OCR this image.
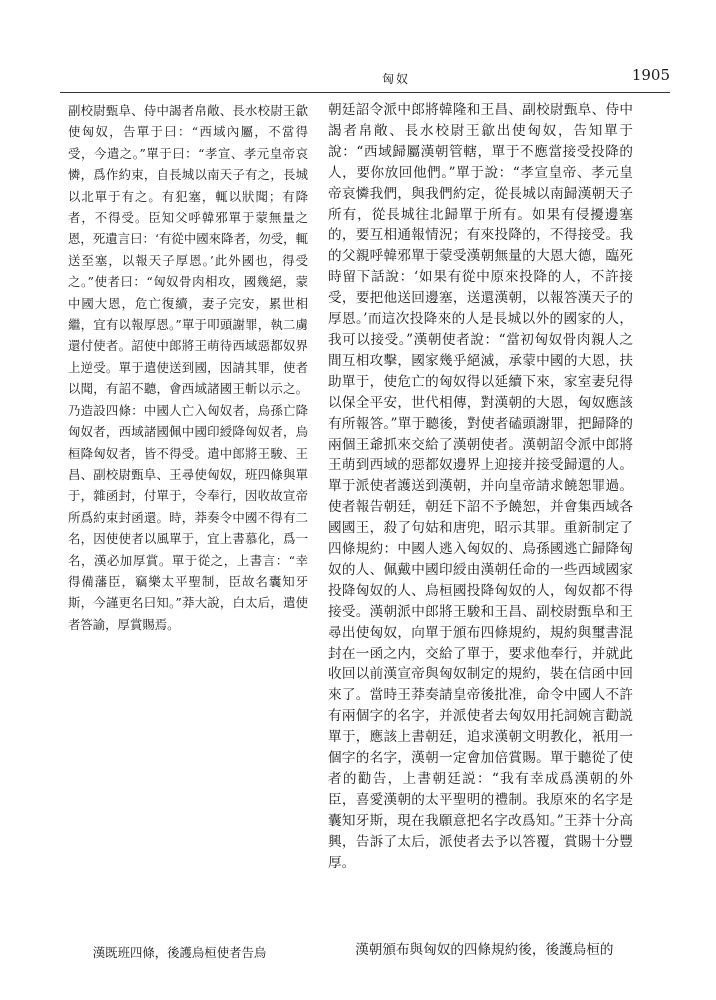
匈奴	1905

副校尉甄阜、侍中謁者帛敞、長水校尉王歙使匈奴，告單于曰：“西域內屬，不當得受，今遣之。”單于曰：“孝宣、孝元皇帝哀憐，爲作約束，自長城以南天子有之，長城以北單于有之。有犯塞，輒以狀聞；有降者，不得受。臣知父呼韓邪單于蒙無量之恩，死遺言曰：‘有從中國來降者，勿受，輒送至塞，以報天子厚恩。’此外國也，得受之。”使者曰：“匈奴骨肉相攻，國幾絕，蒙中國大恩，危亡復續，妻子完安，累世相繼，宜有以報厚恩。”單于叩頭謝罪，執二虜還付使者。詔使中郎將王萌待西域惡都奴界上逆受。單于遣使送到國，因請其罪，使者以聞，有詔不聽，會西域諸國王斬以示之。乃造設四條：中國人亡入匈奴者，烏孫亡降匈奴者，西域諸國佩中國印綬降匈奴者，烏桓降匈奴者，皆不得受。遣中郎將王駿、王昌、副校尉甄阜、王尋使匈奴，班四條與單于，雜函封，付單于，令奉行，因收故宣帝所爲約束封函還。時，莽奏令中國不得有二名，因使使者以風單于，宜上書慕化，爲一名，漢必加厚賞。單于從之，上書言：“幸得備藩臣，竊樂太平聖制，臣故名囊知牙斯，今謹更名曰知。”莽大說，白太后，遣使者答諭，厚賞賜焉。

朝廷詔令派中郎將韓隆和王昌、副校尉甄阜、侍中謁者帛敞、長水校尉王歙出使匈奴，告知單于說：“西域歸屬漢朝管轄，單于不應當接受投降的人，要你放回他們。”單于說：“孝宣皇帝、孝元皇帝哀憐我們，與我們約定，從長城以南歸漢朝天子所有，從長城往北歸單于所有。如果有侵擾邊塞的，要互相通報情況；有來投降的，不得接受。我的父親呼韓邪單于蒙受漢朝無量的大恩大德，臨死時留下話說：‘如果有從中原來投降的人，不許接受，要把他送回邊塞，送還漢朝，以報答漢天子的厚恩。’而這次投降來的人是長城以外的國家的人，我可以接受。”漢朝使者說：“當初匈奴骨肉親人之間互相攻擊，國家幾乎絕滅，承蒙中國的大恩，扶助單于，使危亡的匈奴得以延續下來，家室妻兒得以保全平安，世代相傳，對漢朝的大恩，匈奴應該有所報答。”單于聽後，對使者磕頭謝罪，把歸降的兩個王爺抓來交給了漢朝使者。漢朝詔令派中郎將王萌到西域的惡都奴邊界上迎接并接受歸還的人。單于派使者護送到漢朝，并向皇帝請求饒恕罪過。使者報告朝廷，朝廷下詔不予饒恕，并會集西域各國國王，殺了句姑和唐兜，昭示其罪。重新制定了四條規約：中國人逃入匈奴的、烏孫國逃亡歸降匈奴的人、佩戴中國印綬由漢朝任命的一些西域國家投降匈奴的人、烏桓國投降匈奴的人，匈奴都不得接受。漢朝派中郎將王駿和王昌、副校尉甄阜和王尋出使匈奴，向單于頒布四條規約，規約與璽書混封在一函之内，交給了單于，要求他奉行，并就此收回以前漢宣帝與匈奴制定的規約，裝在信函中回來了。當時王莽奏請皇帝後批准，命令中國人不許有兩個字的名字，并派使者去匈奴用托詞婉言勸説單于，應該上書朝廷，追求漢朝文明教化，衹用一個字的名字，漢朝一定會加倍賞賜。單于聽從了使者的勸告，上書朝廷説：“我有幸成爲漢朝的外臣，喜愛漢朝的太平聖明的禮制。我原來的名字是囊知牙斯，現在我願意把名字改爲知。”王莽十分高興，告訴了太后，派使者去予以答覆，賞賜十分豐厚。

漢既班四條，後護烏桓使者告烏	漢朝頒布與匈奴的四條規約後，後護烏桓的
